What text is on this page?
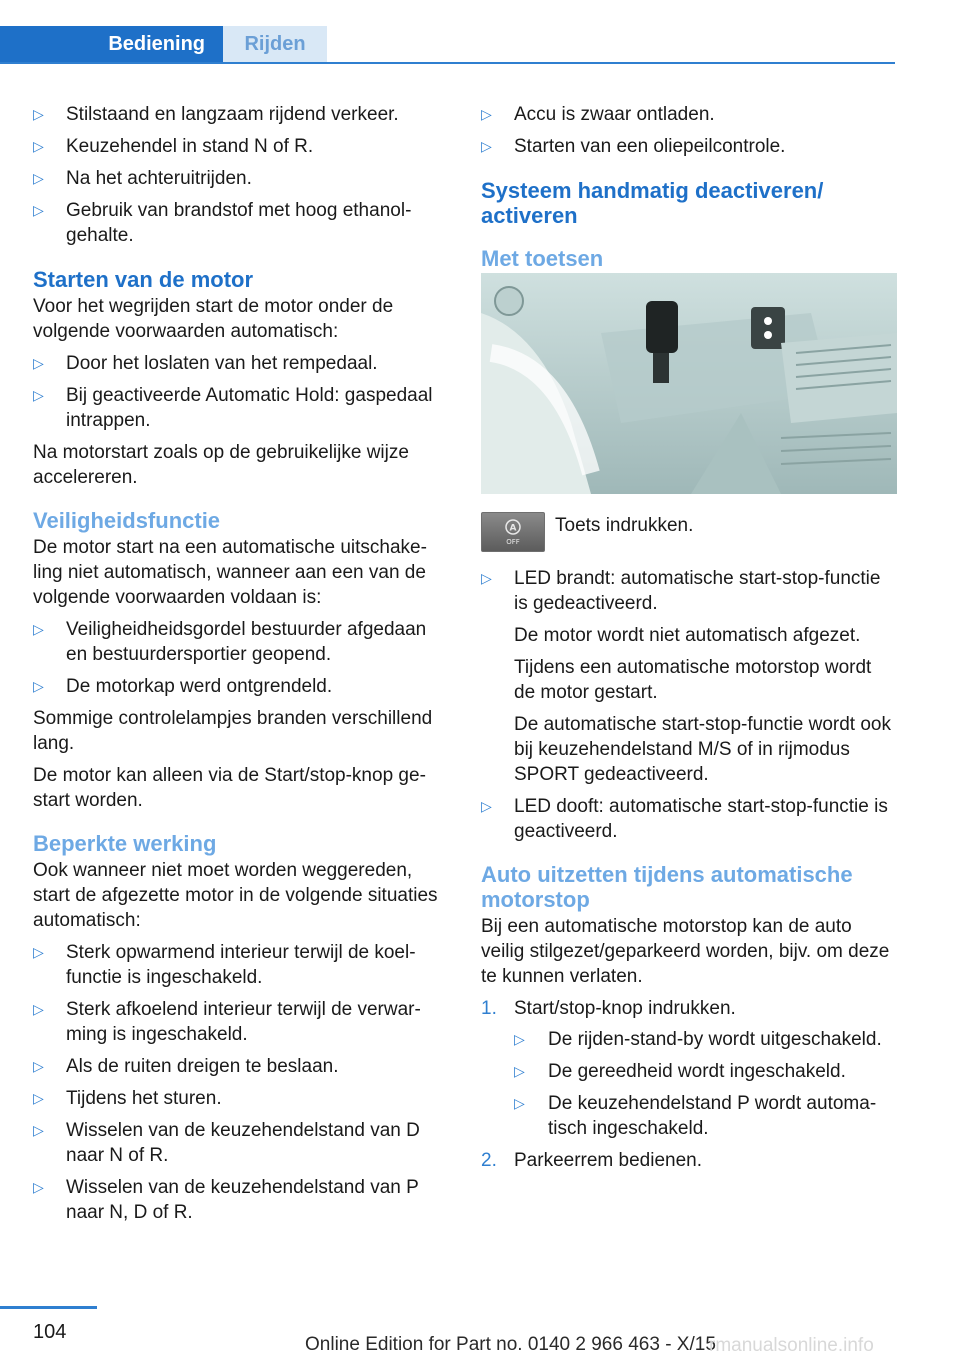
Bediening	Rijden
▷ Stilstaand en langzaam rijdend verkeer.
▷ Keuzehendel in stand N of R.
▷ Na het achteruitrijden.
▷ Gebruik van brandstof met hoog ethanolgehalte.
Starten van de motor

Voor het wegrijden start de motor onder de volgende voorwaarden automatisch:

▷ Door het loslaten van het rempedaal.
▷ Bij geactiveerde Automatic Hold: gaspedaal intrappen.

Na motorstart zoals op de gebruikelijke wijze accelereren.

Veiligheidsfunctie

De motor start na een automatische uitschakeling niet automatisch, wanneer aan een van de volgende voorwaarden voldaan is:

▷ Veiligheidheidsgordel bestuurder afgedaan en bestuurdersportier geopend.
▷ De motorkap werd ontgrendeld.

Sommige controlelampjes branden verschillend lang.

De motor kan alleen via de Start/stop-knop gestart worden.

Beperkte werking

Ook wanneer niet moet worden weggereden, start de afgezette motor in de volgende situaties automatisch:

▷ Sterk opwarmend interieur terwijl de koelfunctie is ingeschakeld.
▷ Sterk afkoelend interieur terwijl de verwarming is ingeschakeld.
▷ Als de ruiten dreigen te beslaan.
▷ Tijdens het sturen.
▷ Wisselen van de keuzehendelstand van D naar N of R.
▷ Wisselen van de keuzehendelstand van P naar N, D of R.
▷ Accu is zwaar ontladen.
▷ Starten van een oliepeilcontrole.
Systeem handmatig deactiveren/ activeren
Met toetsen
A
OFF
Toets indrukken.
▷ LED brandt: automatische start-stop-functie is gedeactiveerd.

De motor wordt niet automatisch afgezet.

Tijdens een automatische motorstop wordt de motor gestart.

De automatische start-stop-functie wordt ook bij keuzehendelstand M/S of in rijmodus SPORT gedeactiveerd.

▷ LED dooft: automatische start-stop-functie is geactiveerd.
Auto uitzetten tijdens automatische motorstop

Bij een automatische motorstop kan de auto veilig stilgezet/geparkeerd worden, bijv. om deze te kunnen verlaten.

1. Start/stop-knop indrukken.
▷ De rijden-stand-by wordt uitgeschakeld.
▷ De gereedheid wordt ingeschakeld.
▷ De keuzehendelstand P wordt automatisch ingeschakeld.
2. Parkeerrem bedienen.
104
Online Edition for Part no. 0140 2 966 463 - X/15
rmanualsonline.info
